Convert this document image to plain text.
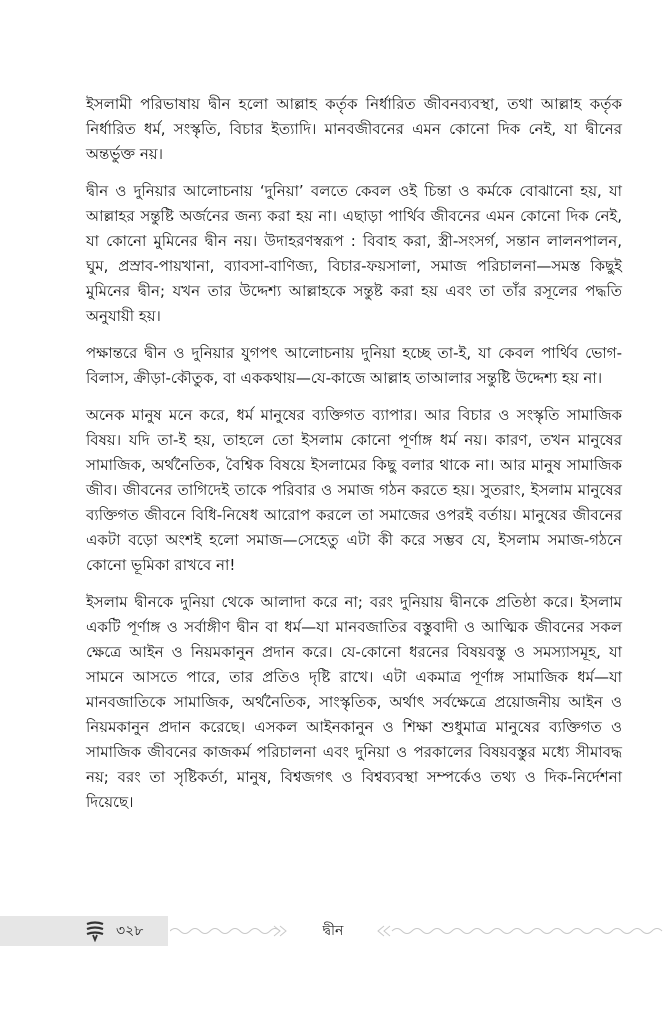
ইসলামী পরিভাষায় দ্বীন হলো আল্লাহ কর্তৃক নির্ধারিত জীবনব্যবস্থা, তথা আল্লাহ কর্তৃক নির্ধারিত ধর্ম, সংস্কৃতি, বিচার ইত্যাদি। মানবজীবনের এমন কোনো দিক নেই, যা দ্বীনের অন্তর্ভুক্ত নয়।

দ্বীন ও দুনিয়ার আলোচনায় ‘দুনিয়া’ বলতে কেবল ওই চিন্তা ও কর্মকে বোঝানো হয়, যা আল্লাহর সন্তুষ্টি অর্জনের জন্য করা হয় না। এছাড়া পার্থিব জীবনের এমন কোনো দিক নেই, যা কোনো মুমিনের দ্বীন নয়। উদাহরণস্বরূপ : বিবাহ করা, স্ত্রী-সংসর্গ, সন্তান লালনপালন, ঘুম, প্রস্রাব-পায়খানা, ব্যাবসা-বাণিজ্য, বিচার-ফয়সালা, সমাজ পরিচালনা—সমস্ত কিছুই মুমিনের দ্বীন; যখন তার উদ্দেশ্য আল্লাহকে সন্তুষ্ট করা হয় এবং তা তাঁর রসূলের পদ্ধতি অনুযায়ী হয়।

পক্ষান্তরে দ্বীন ও দুনিয়ার যুগপৎ আলোচনায় দুনিয়া হচ্ছে তা-ই, যা কেবল পার্থিব ভোগ-বিলাস, ক্রীড়া-কৌতুক, বা এককথায়—যে-কাজে আল্লাহ তাআলার সন্তুষ্টি উদ্দেশ্য হয় না।

অনেক মানুষ মনে করে, ধর্ম মানুষের ব্যক্তিগত ব্যাপার। আর বিচার ও সংস্কৃতি সামাজিক বিষয়। যদি তা-ই হয়, তাহলে তো ইসলাম কোনো পূর্ণাঙ্গ ধর্ম নয়। কারণ, তখন মানুষের সামাজিক, অর্থনৈতিক, বৈশ্বিক বিষয়ে ইসলামের কিছু বলার থাকে না। আর মানুষ সামাজিক জীব। জীবনের তাগিদেই তাকে পরিবার ও সমাজ গঠন করতে হয়। সুতরাং, ইসলাম মানুষের ব্যক্তিগত জীবনে বিধি-নিষেধ আরোপ করলে তা সমাজের ওপরই বর্তায়। মানুষের জীবনের একটা বড়ো অংশই হলো সমাজ—সেহেতু এটা কী করে সম্ভব যে, ইসলাম সমাজ-গঠনে কোনো ভূমিকা রাখবে না!

ইসলাম দ্বীনকে দুনিয়া থেকে আলাদা করে না; বরং দুনিয়ায় দ্বীনকে প্রতিষ্ঠা করে। ইসলাম একটি পূর্ণাঙ্গ ও সর্বাঙ্গীণ দ্বীন বা ধর্ম—যা মানবজাতির বস্তুবাদী ও আত্মিক জীবনের সকল ক্ষেত্রে আইন ও নিয়মকানুন প্রদান করে। যে-কোনো ধরনের বিষয়বস্তু ও সমস্যাসমূহ, যা সামনে আসতে পারে, তার প্রতিও দৃষ্টি রাখে। এটা একমাত্র পূর্ণাঙ্গ সামাজিক ধর্ম—যা মানবজাতিকে সামাজিক, অর্থনৈতিক, সাংস্কৃতিক, অর্থাৎ সর্বক্ষেত্রে প্রয়োজনীয় আইন ও নিয়মকানুন প্রদান করেছে। এসকল আইনকানুন ও শিক্ষা শুধুমাত্র মানুষের ব্যক্তিগত ও সামাজিক জীবনের কাজকর্ম পরিচালনা এবং দুনিয়া ও পরকালের বিষয়বস্তুর মধ্যে সীমাবদ্ধ নয়; বরং তা সৃষ্টিকর্তা, মানুষ, বিশ্বজগৎ ও বিশ্বব্যবস্থা সম্পর্কেও তথ্য ও দিক-নির্দেশনা দিয়েছে।

৩২৮	দ্বীন
